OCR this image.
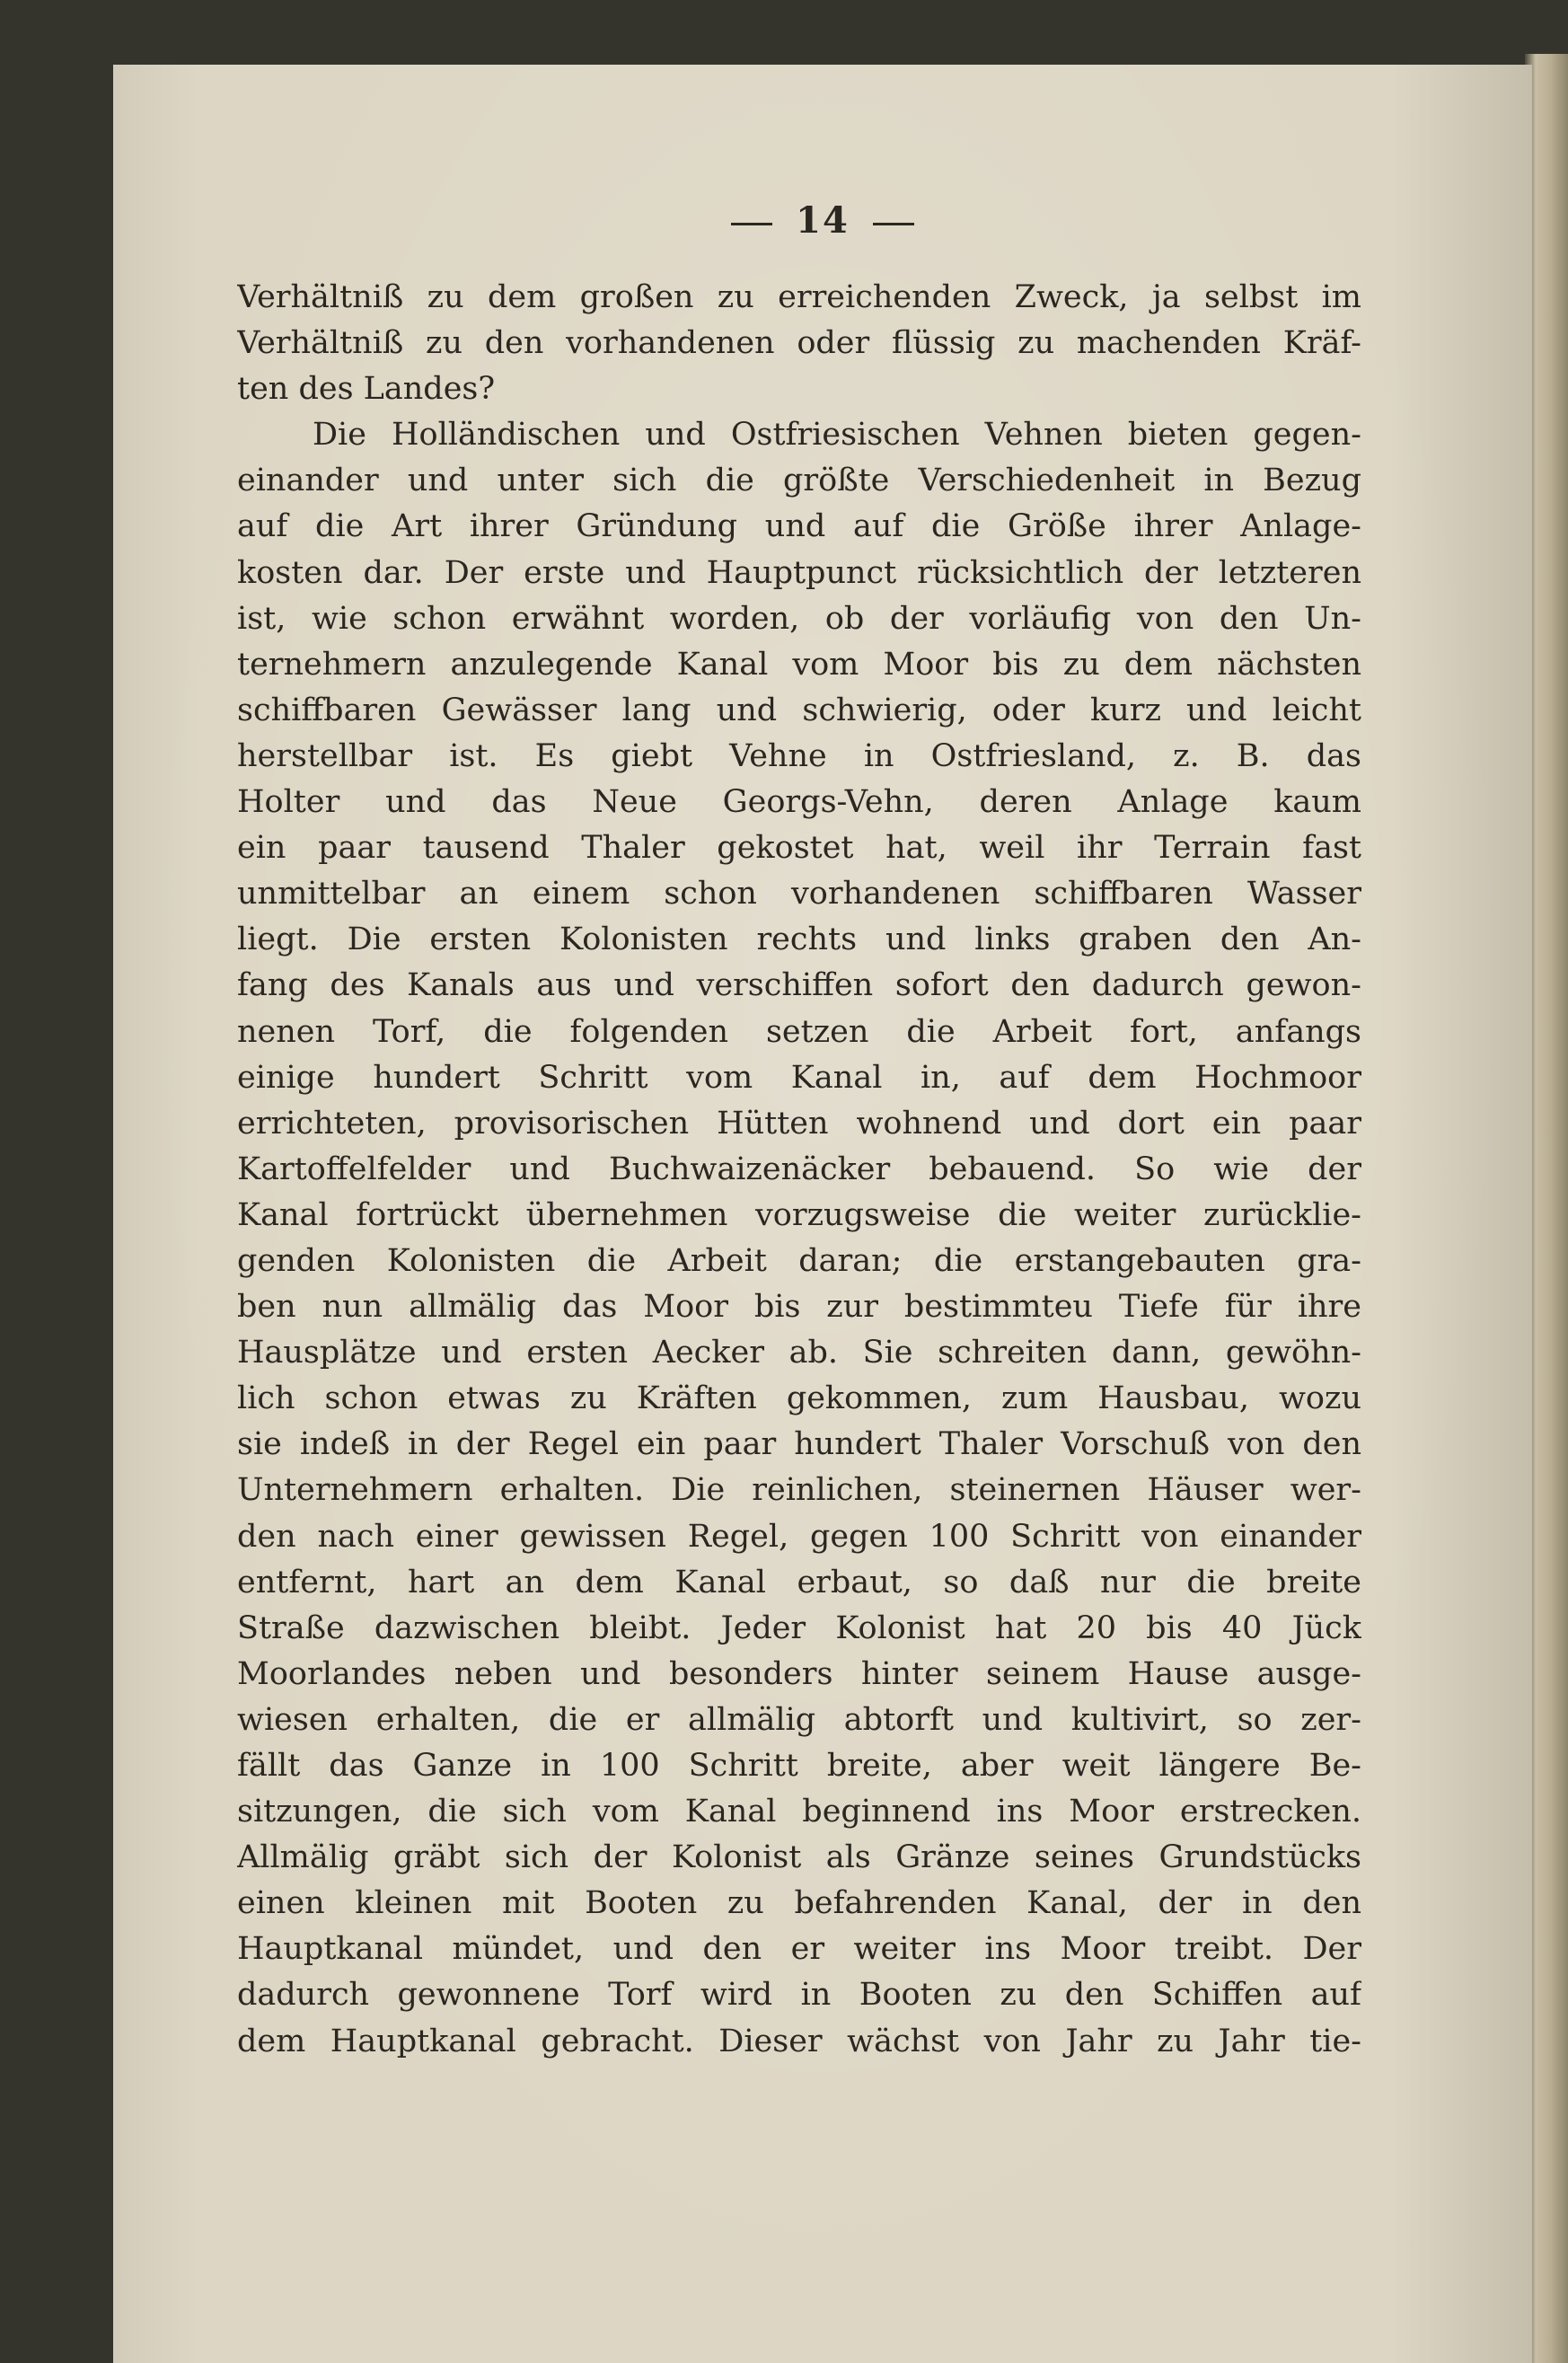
14
Verhältniß zu dem großen zu erreichenden Zweck, ja selbst im
Verhältniß zu den vorhandenen oder flüssig zu machenden Kräf-
ten des Landes?
Die Holländischen und Ostfriesischen Vehnen bieten gegen-
einander und unter sich die größte Verschiedenheit in Bezug
auf die Art ihrer Gründung und auf die Größe ihrer Anlage-
kosten dar. Der erste und Hauptpunct rücksichtlich der letzteren
ist, wie schon erwähnt worden, ob der vorläufig von den Un-
ternehmern anzulegende Kanal vom Moor bis zu dem nächsten
schiffbaren Gewässer lang und schwierig, oder kurz und leicht
herstellbar ist. Es giebt Vehne in Ostfriesland, z. B. das
Holter und das Neue Georgs-Vehn, deren Anlage kaum
ein paar tausend Thaler gekostet hat, weil ihr Terrain fast
unmittelbar an einem schon vorhandenen schiffbaren Wasser
liegt. Die ersten Kolonisten rechts und links graben den An-
fang des Kanals aus und verschiffen sofort den dadurch gewon-
nenen Torf, die folgenden setzen die Arbeit fort, anfangs
einige hundert Schritt vom Kanal in, auf dem Hochmoor
errichteten, provisorischen Hütten wohnend und dort ein paar
Kartoffelfelder und Buchwaizenäcker bebauend. So wie der
Kanal fortrückt übernehmen vorzugsweise die weiter zurücklie-
genden Kolonisten die Arbeit daran; die erstangebauten gra-
ben nun allmälig das Moor bis zur bestimmteu Tiefe für ihre
Hausplätze und ersten Aecker ab. Sie schreiten dann, gewöhn-
lich schon etwas zu Kräften gekommen, zum Hausbau, wozu
sie indeß in der Regel ein paar hundert Thaler Vorschuß von den
Unternehmern erhalten. Die reinlichen, steinernen Häuser wer-
den nach einer gewissen Regel, gegen 100 Schritt von einander
entfernt, hart an dem Kanal erbaut, so daß nur die breite
Straße dazwischen bleibt. Jeder Kolonist hat 20 bis 40 Jück
Moorlandes neben und besonders hinter seinem Hause ausge-
wiesen erhalten, die er allmälig abtorft und kultivirt, so zer-
fällt das Ganze in 100 Schritt breite, aber weit längere Be-
sitzungen, die sich vom Kanal beginnend ins Moor erstrecken.
Allmälig gräbt sich der Kolonist als Gränze seines Grundstücks
einen kleinen mit Booten zu befahrenden Kanal, der in den
Hauptkanal mündet, und den er weiter ins Moor treibt. Der
dadurch gewonnene Torf wird in Booten zu den Schiffen auf
dem Hauptkanal gebracht. Dieser wächst von Jahr zu Jahr tie-
